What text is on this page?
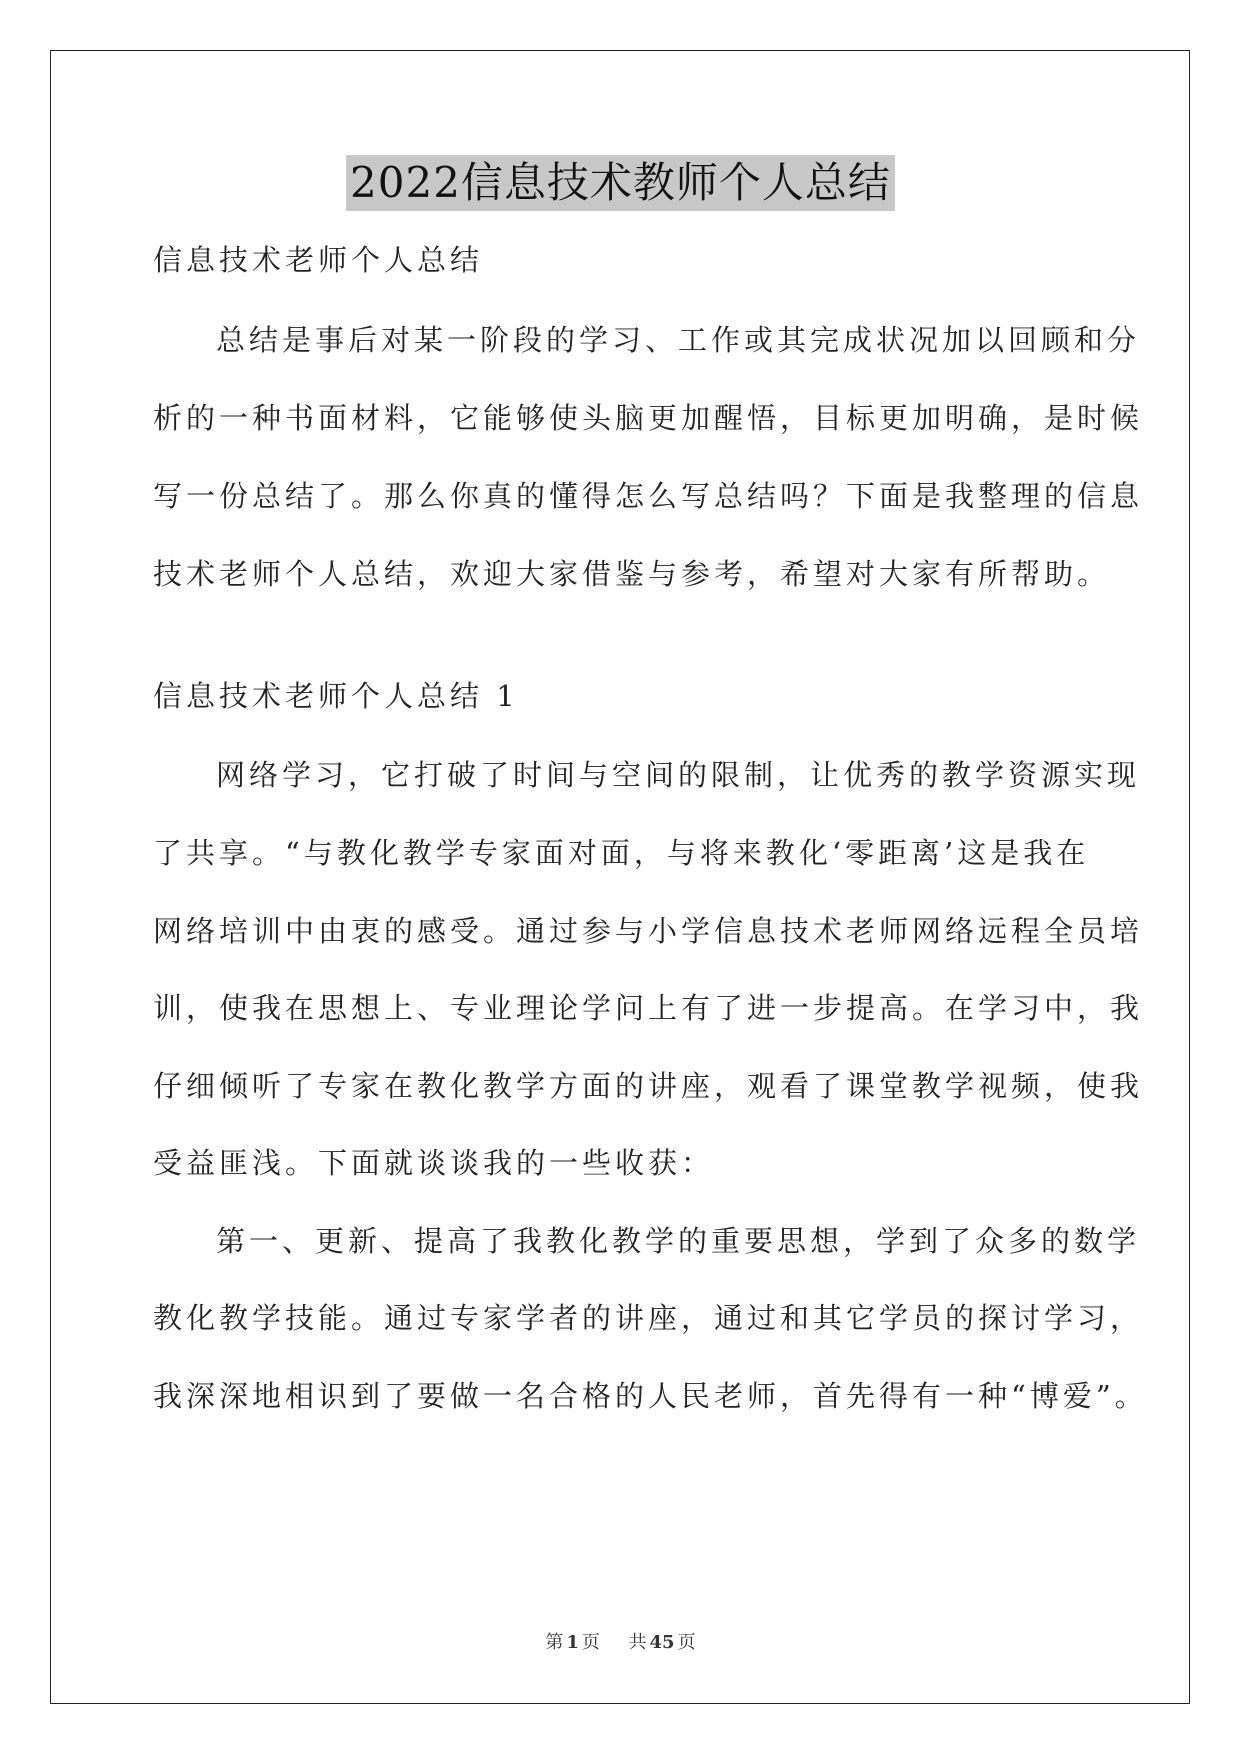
2022信息技术教师个人总结
信息技术老师个人总结
总结是事后对某一阶段的学习、工作或其完成状况加以回顾和分
析的一种书面材料，它能够使头脑更加醒悟，目标更加明确，是时候
写一份总结了。那么你真的懂得怎么写总结吗？下面是我整理的信息
技术老师个人总结，欢迎大家借鉴与参考，希望对大家有所帮助。
信息技术老师个人总结 1
网络学习，它打破了时间与空间的限制，让优秀的教学资源实现
了共享。“与教化教学专家面对面，与将来教化‘零距离’这是我在
网络培训中由衷的感受。通过参与小学信息技术老师网络远程全员培
训，使我在思想上、专业理论学问上有了进一步提高。在学习中，我
仔细倾听了专家在教化教学方面的讲座，观看了课堂教学视频，使我
受益匪浅。下面就谈谈我的一些收获：
第一、更新、提高了我教化教学的重要思想，学到了众多的数学
教化教学技能。通过专家学者的讲座，通过和其它学员的探讨学习，
我深深地相识到了要做一名合格的人民老师，首先得有一种“博爱”。
第 1 页 共 45 页
